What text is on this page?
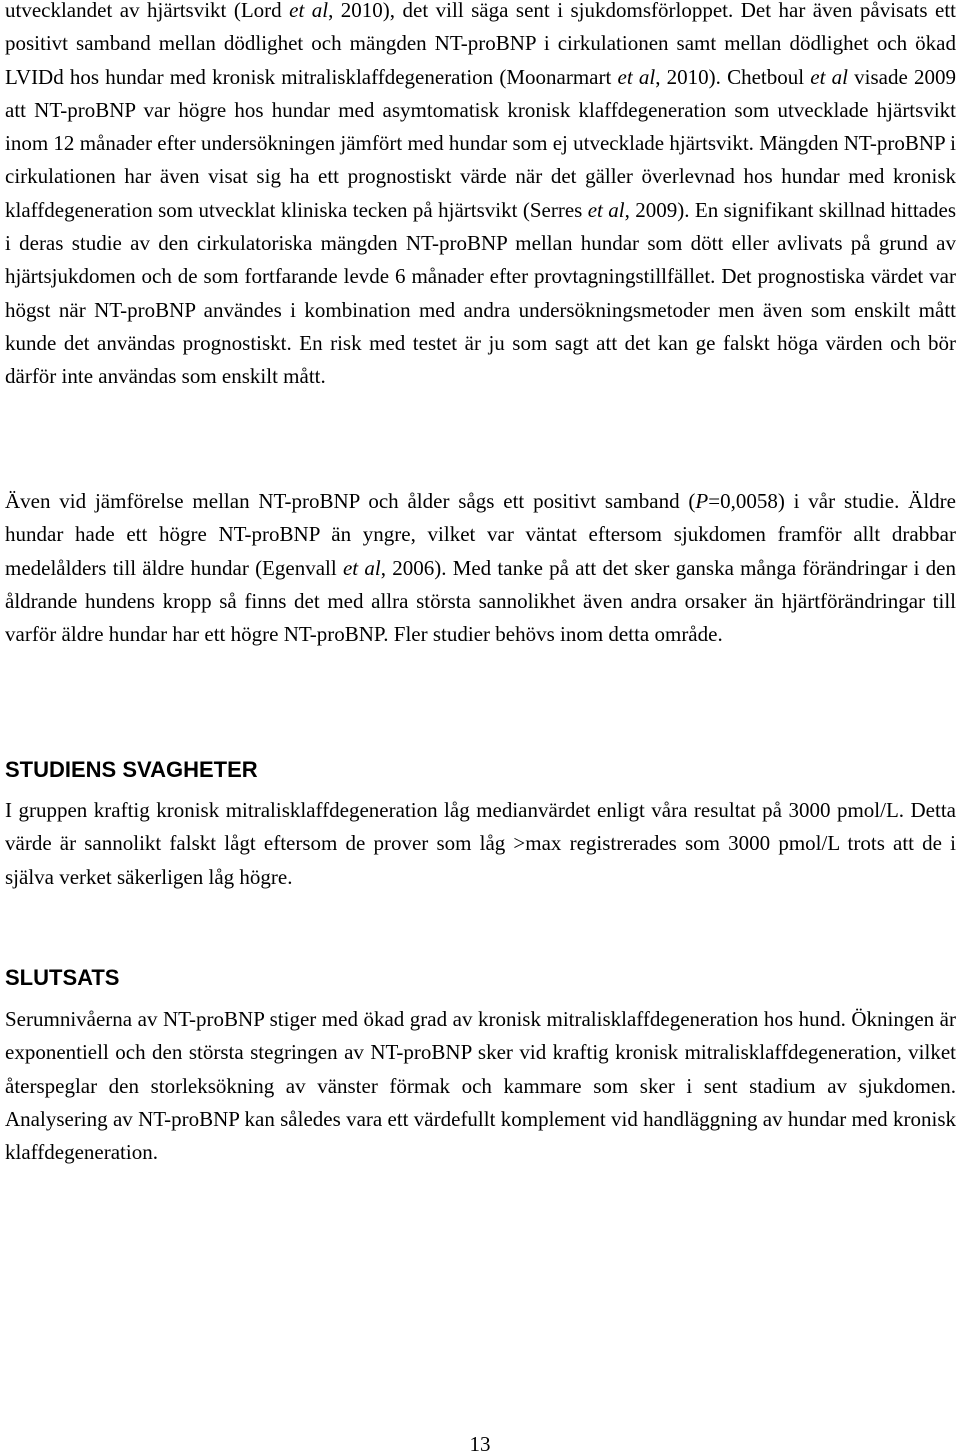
utvecklandet av hjärtsvikt (Lord et al, 2010), det vill säga sent i sjukdomsförloppet. Det har även påvisats ett positivt samband mellan dödlighet och mängden NT-proBNP i cirkulationen samt mellan dödlighet och ökad LVIDd hos hundar med kronisk mitralisklaffdegeneration (Moonarmart et al, 2010). Chetboul et al visade 2009 att NT-proBNP var högre hos hundar med asymtomatisk kronisk klaffdegeneration som utvecklade hjärtsvikt inom 12 månader efter undersökningen jämfört med hundar som ej utvecklade hjärtsvikt. Mängden NT-proBNP i cirkulationen har även visat sig ha ett prognostiskt värde när det gäller överlevnad hos hundar med kronisk klaffdegeneration som utvecklat kliniska tecken på hjärtsvikt (Serres et al, 2009). En signifikant skillnad hittades i deras studie av den cirkulatoriska mängden NT-proBNP mellan hundar som dött eller avlivats på grund av hjärtsjukdomen och de som fortfarande levde 6 månader efter provtagningstillfället. Det prognostiska värdet var högst när NT-proBNP användes i kombination med andra undersökningsmetoder men även som enskilt mått kunde det användas prognostiskt. En risk med testet är ju som sagt att det kan ge falskt höga värden och bör därför inte användas som enskilt mått.

Även vid jämförelse mellan NT-proBNP och ålder sågs ett positivt samband (P=0,0058) i vår studie. Äldre hundar hade ett högre NT-proBNP än yngre, vilket var väntat eftersom sjukdomen framför allt drabbar medelålders till äldre hundar (Egenvall et al, 2006). Med tanke på att det sker ganska många förändringar i den åldrande hundens kropp så finns det med allra största sannolikhet även andra orsaker än hjärtförändringar till varför äldre hundar har ett högre NT-proBNP. Fler studier behövs inom detta område.

STUDIENS SVAGHETER

I gruppen kraftig kronisk mitralisklaffdegeneration låg medianvärdet enligt våra resultat på 3000 pmol/L. Detta värde är sannolikt falskt lågt eftersom de prover som låg >max registrerades som 3000 pmol/L trots att de i själva verket säkerligen låg högre.

SLUTSATS

Serumnivåerna av NT-proBNP stiger med ökad grad av kronisk mitralisklaffdegeneration hos hund. Ökningen är exponentiell och den största stegringen av NT-proBNP sker vid kraftig kronisk mitralisklaffdegeneration, vilket återspeglar den storleksökning av vänster förmak och kammare som sker i sent stadium av sjukdomen. Analysering av NT-proBNP kan således vara ett värdefullt komplement vid handläggning av hundar med kronisk klaffdegeneration.

13
